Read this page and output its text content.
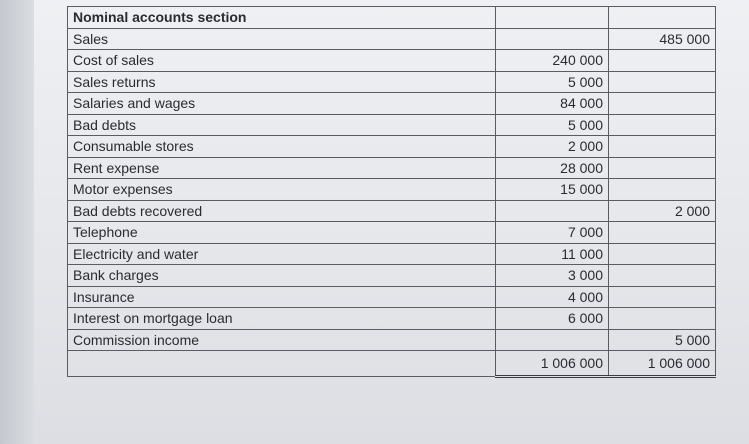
Nominal accounts section		
Sales		485 000
Cost of sales	240 000	
Sales returns	5 000	
Salaries and wages	84 000	
Bad debts	5 000	
Consumable stores	2 000	
Rent expense	28 000	
Motor expenses	15 000	
Bad debts recovered		2 000
Telephone	7 000	
Electricity and water	11 000	
Bank charges	3 000	
Insurance	4 000	
Interest on mortgage loan	6 000	
Commission income		5 000
	1 006 000	1 006 000
